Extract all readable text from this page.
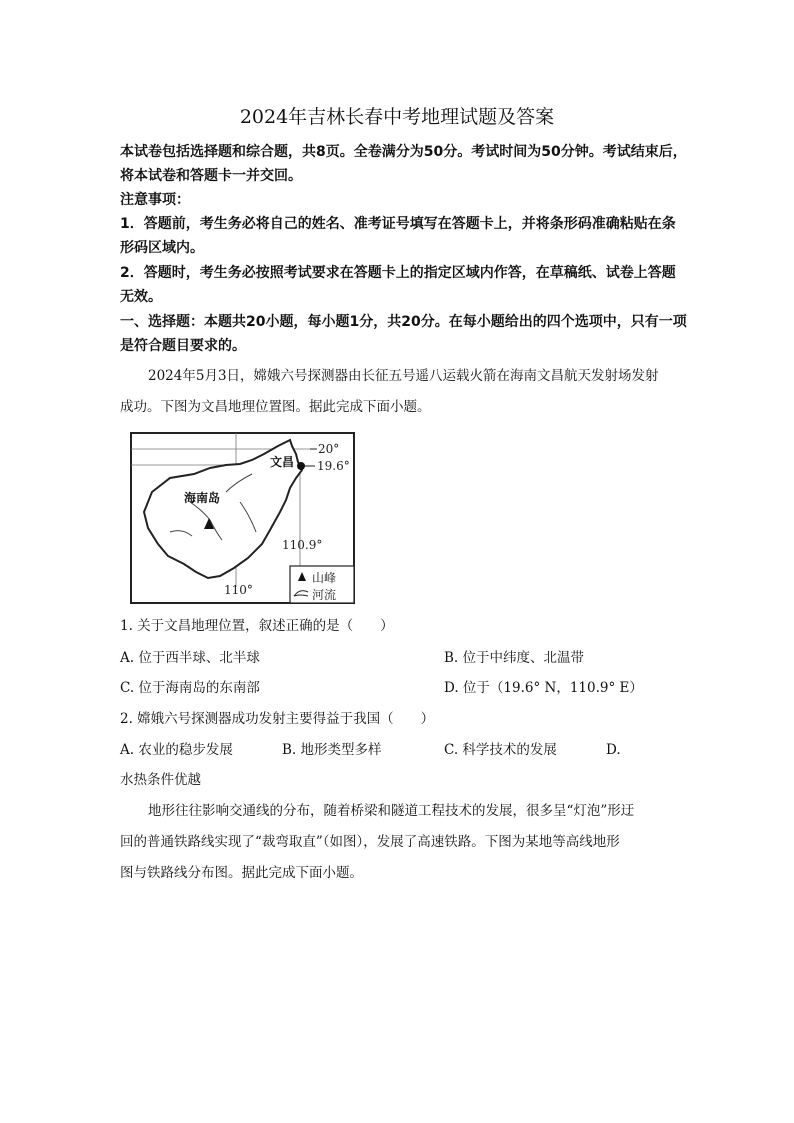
2024年吉林长春中考地理试题及答案
本试卷包括选择题和综合题，共8页。全卷满分为50分。考试时间为50分钟。考试结束后，
将本试卷和答题卡一并交回。
注意事项：
1．答题前，考生务必将自己的姓名、准考证号填写在答题卡上，并将条形码准确粘贴在条
形码区域内。
2．答题时，考生务必按照考试要求在答题卡上的指定区域内作答，在草稿纸、试卷上答题
无效。
一、选择题：本题共20小题，每小题1分，共20分。在每小题给出的四个选项中，只有一项
是符合题目要求的。
2024年5月3日，嫦娥六号探测器由长征五号遥八运载火箭在海南文昌航天发射场发射
成功。下图为文昌地理位置图。据此完成下面小题。
20°
19.6°
文昌
海南岛
110.9°
110°
山峰
河流
1. 关于文昌地理位置，叙述正确的是（　　）
A. 位于西半球、北半球	B. 位于中纬度、北温带
C. 位于海南岛的东南部	D. 位于（19.6° N，110.9° E）
2. 嫦娥六号探测器成功发射主要得益于我国（　　）
A. 农业的稳步发展	B. 地形类型多样	C. 科学技术的发展	D.
水热条件优越
地形往往影响交通线的分布，随着桥梁和隧道工程技术的发展，很多呈“灯泡”形迂
回的普通铁路线实现了“裁弯取直”（如图），发展了高速铁路。下图为某地等高线地形
图与铁路线分布图。据此完成下面小题。
